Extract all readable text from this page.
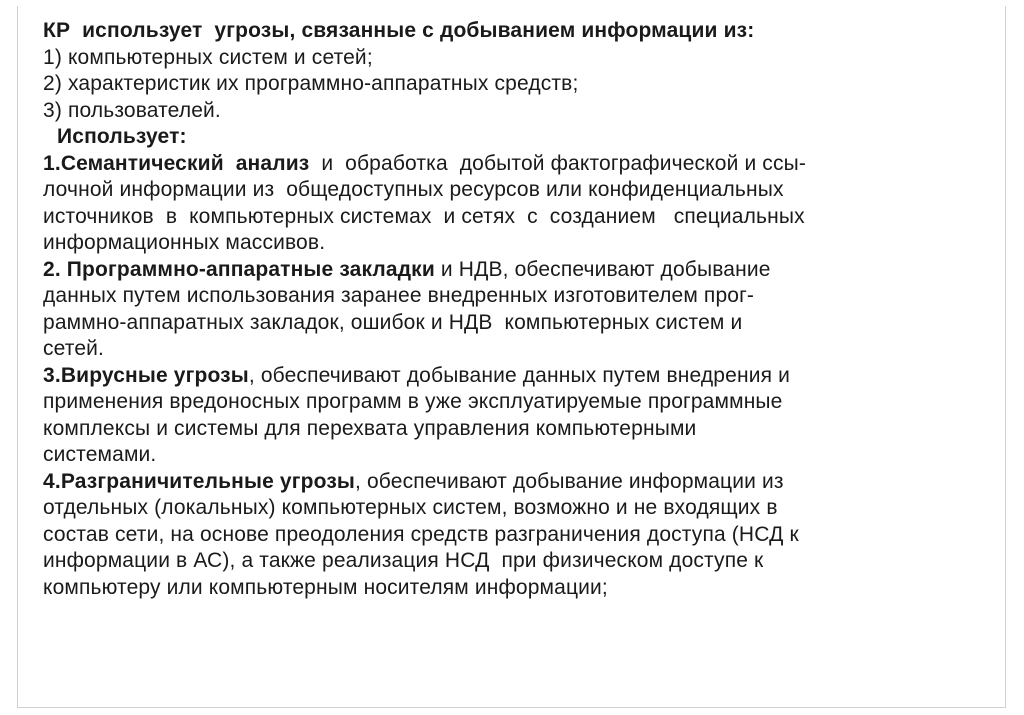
КР  использует  угрозы, связанные с добыванием информации из:
1) компьютерных систем и сетей;
2) характеристик их программно-аппаратных средств;
3) пользователей.
Использует:
1.Семантический  анализ  и  обработка  добытой фактографической и ссы-
лочной информации из  общедоступных ресурсов или конфиденциальных
источников  в  компьютерных системах  и сетях  с  созданием   специальных
информационных массивов.
2. Программно-аппаратные закладки и НДВ, обеспечивают добывание
данных путем использования заранее внедренных изготовителем прог-
раммно-аппаратных закладок, ошибок и НДВ  компьютерных систем и
сетей.
3.Вирусные угрозы, обеспечивают добывание данных путем внедрения и
применения вредоносных программ в уже эксплуатируемые программные
комплексы и системы для перехвата управления компьютерными
системами.
4.Разграничительные угрозы, обеспечивают добывание информации из
отдельных (локальных) компьютерных систем, возможно и не входящих в
состав сети, на основе преодоления средств разграничения доступа (НСД к
информации в АС), а также реализация НСД  при физическом доступе к
компьютеру или компьютерным носителям информации;
